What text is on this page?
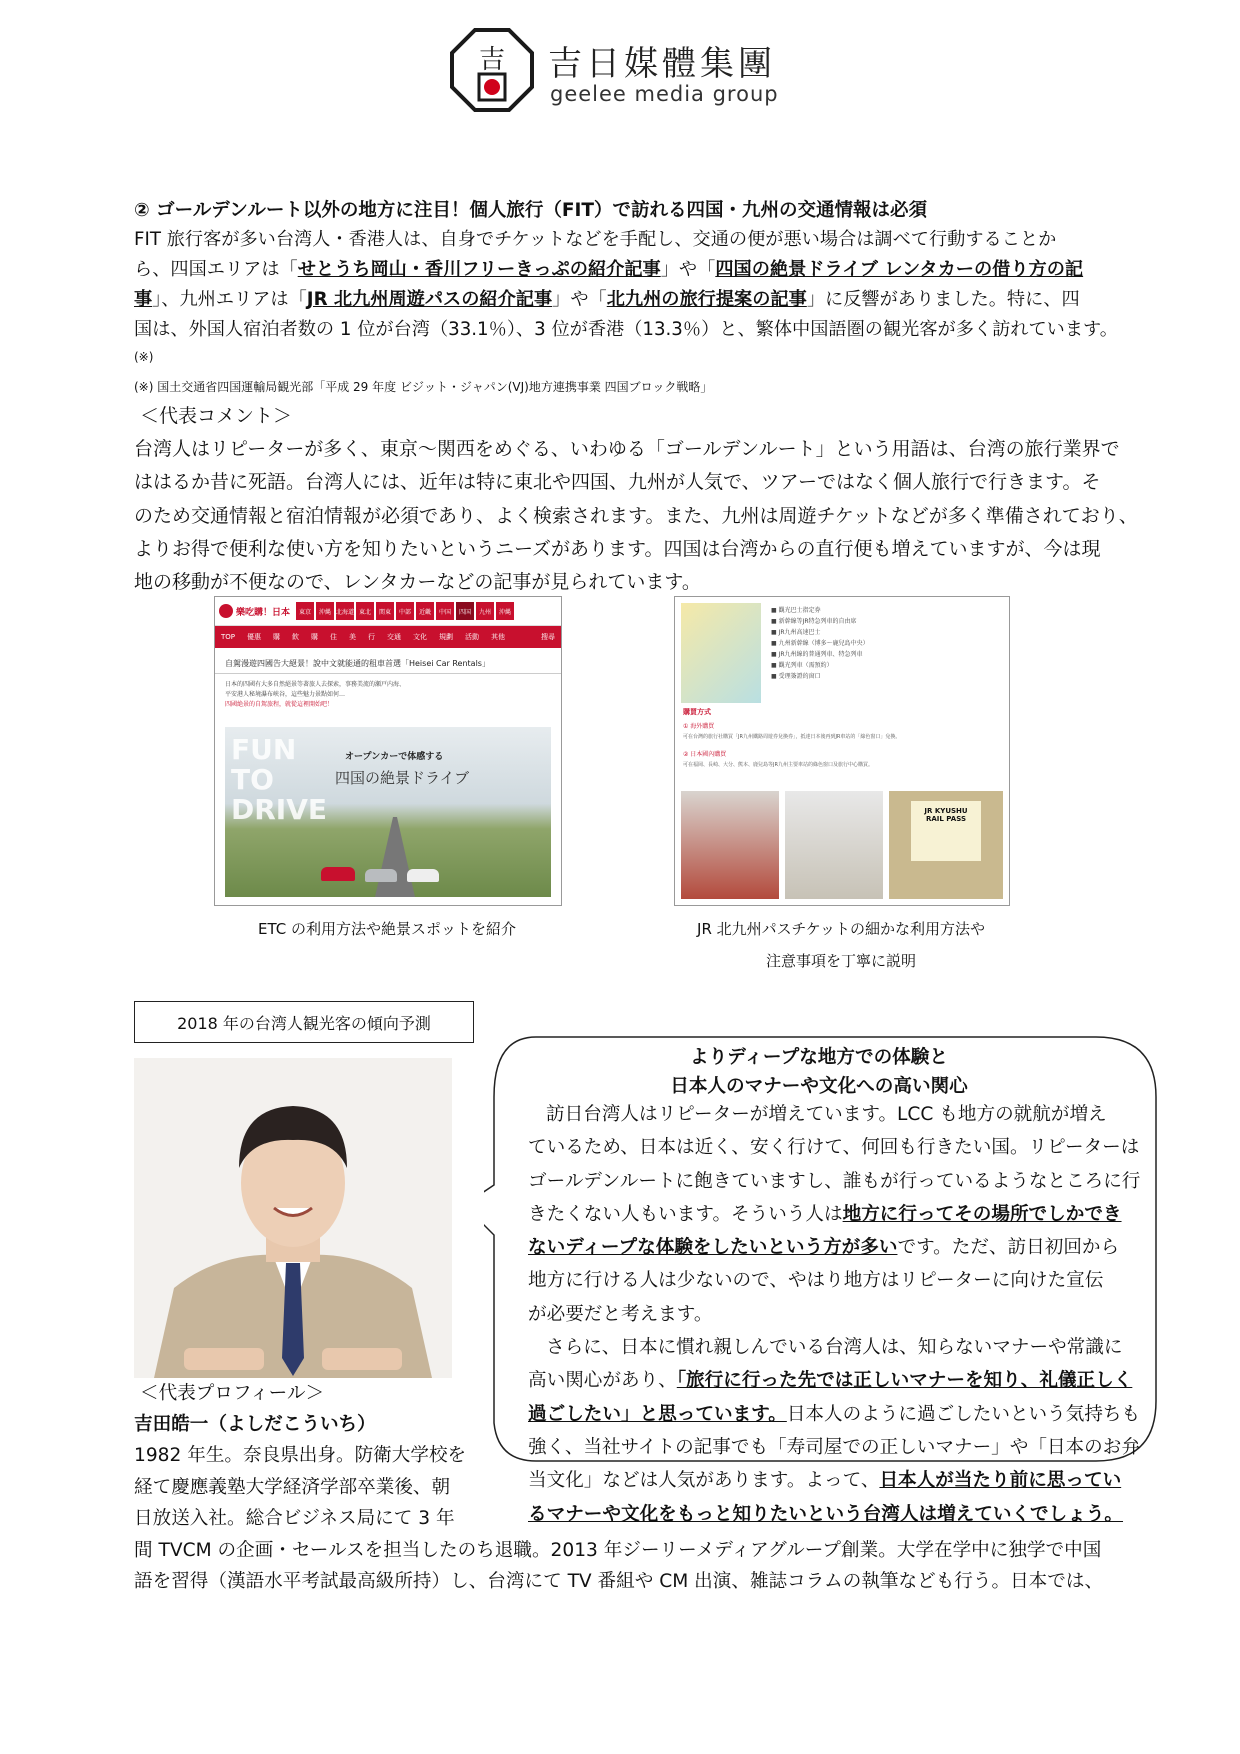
吉 吉日媒體集團
geelee media group
② ゴールデンルート以外の地方に注目！個人旅行（FIT）で訪れる四国・九州の交通情報は必須
FIT 旅行客が多い台湾人・香港人は、自身でチケットなどを手配し、交通の便が悪い場合は調べて行動することか
ら、四国エリアは「せとうち岡山・香川フリーきっぷの紹介記事」や「四国の絶景ドライブ レンタカーの借り方の記
事」、九州エリアは「JR 北九州周遊パスの紹介記事」や「北九州の旅行提案の記事」に反響がありました。特に、四
国は、外国人宿泊者数の 1 位が台湾（33.1％）、3 位が香港（13.3％）と、繁体中国語圏の観光客が多く訪れています。
(※)
(※) 国土交通省四国運輸局観光部「平成 29 年度 ビジット・ジャパン(VJ)地方連携事業 四国ブロック戦略」
＜代表コメント＞
台湾人はリピーターが多く、東京～関西をめぐる、いわゆる「ゴールデンルート」という用語は、台湾の旅行業界で
ははるか昔に死語。台湾人には、近年は特に東北や四国、九州が人気で、ツアーではなく個人旅行で行きます。そ
のため交通情報と宿泊情報が必須であり、よく検索されます。また、九州は周遊チケットなどが多く準備されており、
よりお得で便利な使い方を知りたいというニーズがあります。四国は台湾からの直行便も増えていますが、今は現
地の移動が不便なので、レンタカーなどの記事が見られています。
樂吃購！日本	東京	沖縄 北海道 東北	関東	中部	近畿	中国	四国	九州	沖縄
TOP 優惠 購 飲 購 住 美 行 交通 文化 規劃 活動 其他	搜尋
自駕漫遊四國告大絕景！說中文就能通的租車首選「Heisei Car Rentals」
日本的四國有大多自然絕景等著旅人去探索，事務美流的瀬戸内海、
平安港人秘境瀑布峡谷，這些魅力景點如何…
四國絶景的自駕旅程，就從這裡開始吧！
FUN
TO
DRIVE
オープンカーで体感する
四国の絶景ドライブ
■ 觀光巴士指定券
■ 新幹線等JR特急列車的自由席
■ JR九州高速巴士
■ 九州新幹線（博多～鹿兒島中央）
■ JR九州線的普通列車、特急列車
■ 觀光列車（需預約）
■ 受理簽證的窗口
購買方式
① 海外購買
可在台灣的旅行社購買「JR九州鐵路周遊券兌換券」，抵達日本後再到JR車站的「綠色窗口」兌換。
② 日本國內購買
可在福岡、長崎、大分、熊本、鹿兒島等JR九州主要車站的綠色窗口及旅行中心購買。
JR KYUSHU
RAIL PASS
ETC の利用方法や絶景スポットを紹介	JR 北九州パスチケットの細かな利用方法や
注意事項を丁寧に説明
2018 年の台湾人観光客の傾向予測
よりディープな地方での体験と
日本人のマナーや文化への高い関心
訪日台湾人はリピーターが増えています。LCC も地方の就航が増え
ているため、日本は近く、安く行けて、何回も行きたい国。リピーターは
ゴールデンルートに飽きていますし、誰もが行っているようなところに行
きたくない人もいます。そういう人は地方に行ってその場所でしかでき
ないディープな体験をしたいという方が多いです。ただ、訪日初回から
地方に行ける人は少ないので、やはり地方はリピーターに向けた宣伝
が必要だと考えます。
さらに、日本に慣れ親しんでいる台湾人は、知らないマナーや常識に
高い関心があり、「旅行に行った先では正しいマナーを知り、礼儀正しく
過ごしたい」と思っています。日本人のように過ごしたいという気持ちも
強く、当社サイトの記事でも「寿司屋での正しいマナー」や「日本のお弁
当文化」などは人気があります。よって、日本人が当たり前に思ってい
るマナーや文化をもっと知りたいという台湾人は増えていくでしょう。
＜代表プロフィール＞
吉田皓一（よしだこういち）
1982 年生。奈良県出身。防衛大学校を
経て慶應義塾大学経済学部卒業後、朝
日放送入社。総合ビジネス局にて 3 年
間 TVCM の企画・セールスを担当したのち退職。2013 年ジーリーメディアグループ創業。大学在学中に独学で中国
語を習得（漢語水平考試最高級所持）し、台湾にて TV 番組や CM 出演、雑誌コラムの執筆なども行う。日本では、
